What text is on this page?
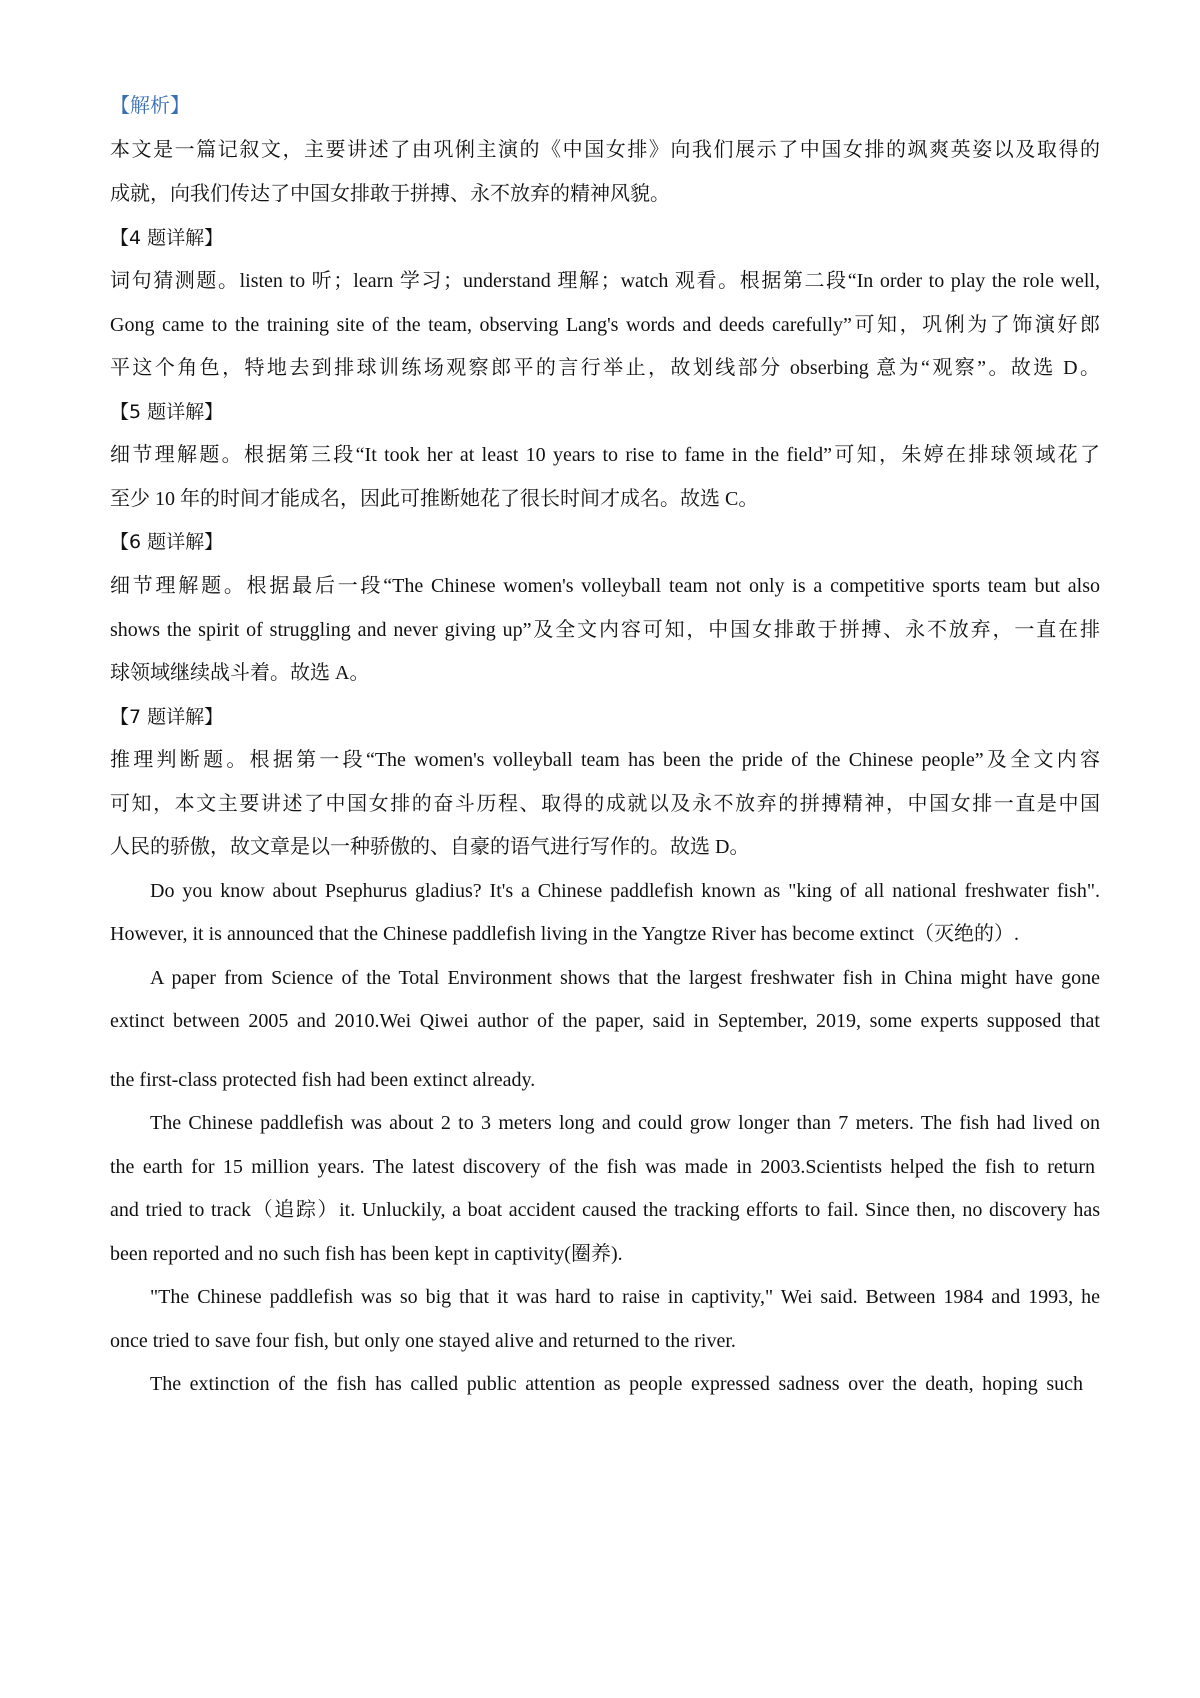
【解析】
本文是一篇记叙文，主要讲述了由巩俐主演的《中国女排》向我们展示了中国女排的飒爽英姿以及取得的
成就，向我们传达了中国女排敢于拼搏、永不放弃的精神风貌。
【4 题详解】
词句猜测题。listen to 听；learn 学习；understand 理解；watch 观看。根据第二段“In order to play the role well,
Gong came to the training site of the team, observing Lang's words and deeds carefully”可知，巩俐为了饰演好郎
平这个角色，特地去到排球训练场观察郎平的言行举止，故划线部分 obserbing 意为“观察”。故选 D。
【5 题详解】
细节理解题。根据第三段“It took her at least 10 years to rise to fame in the field”可知，朱婷在排球领域花了
至少 10 年的时间才能成名，因此可推断她花了很长时间才成名。故选 C。
【6 题详解】
细节理解题。根据最后一段“The Chinese women's volleyball team not only is a competitive sports team but also
shows the spirit of struggling and never giving up”及全文内容可知，中国女排敢于拼搏、永不放弃，一直在排
球领域继续战斗着。故选 A。
【7 题详解】
推理判断题。根据第一段“The women's volleyball team has been the pride of the Chinese people”及全文内容
可知，本文主要讲述了中国女排的奋斗历程、取得的成就以及永不放弃的拼搏精神，中国女排一直是中国
人民的骄傲，故文章是以一种骄傲的、自豪的语气进行写作的。故选 D。
Do you know about Psephurus gladius? It's a Chinese paddlefish known as "king of all national freshwater fish".
However, it is announced that the Chinese paddlefish living in the Yangtze River has become extinct（灭绝的）.
A paper from Science of the Total Environment shows that the largest freshwater fish in China might have gone
extinct between 2005 and 2010.Wei Qiwei author of the paper, said in September, 2019, some experts supposed that
the first-class protected fish had been extinct already.
The Chinese paddlefish was about 2 to 3 meters long and could grow longer than 7 meters. The fish had lived on
the earth for 15 million years. The latest discovery of the fish was made in 2003.Scientists helped the fish to return
and tried to track（追踪）it. Unluckily, a boat accident caused the tracking efforts to fail. Since then, no discovery has
been reported and no such fish has been kept in captivity(圈养).
"The Chinese paddlefish was so big that it was hard to raise in captivity," Wei said. Between 1984 and 1993, he
once tried to save four fish, but only one stayed alive and returned to the river.
The extinction of the fish has called public attention as people expressed sadness over the death, hoping such
